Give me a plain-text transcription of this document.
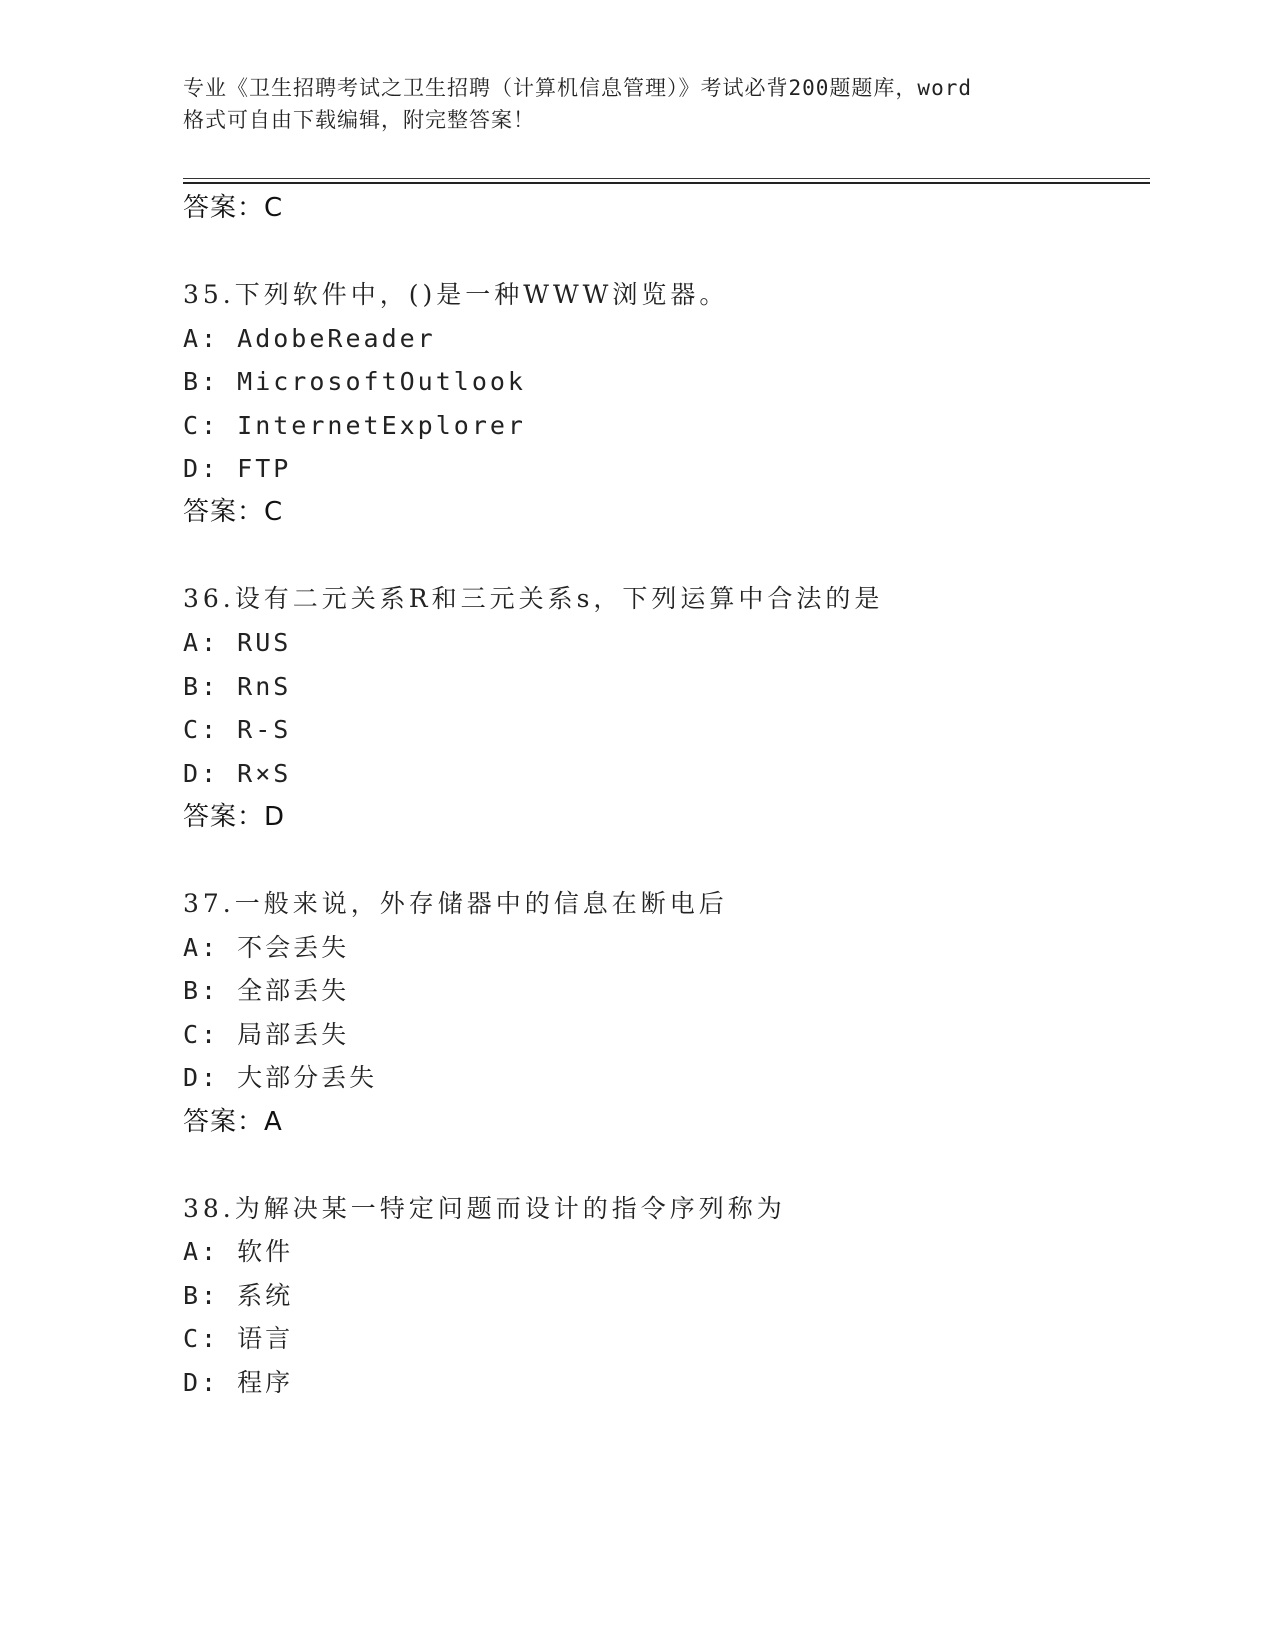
专业《卫生招聘考试之卫生招聘（计算机信息管理）》考试必背200题题库，word
格式可自由下载编辑，附完整答案！
答案：C
35.下列软件中，()是一种WWW浏览器。
A: AdobeReader
B: MicrosoftOutlook
C: InternetExplorer
D: FTP
答案：C
36.设有二元关系R和三元关系s，下列运算中合法的是
A: RUS
B: RnS
C: R-S
D: R×S
答案：D
37.一般来说，外存储器中的信息在断电后
A: 不会丢失
B: 全部丢失
C: 局部丢失
D: 大部分丢失
答案：A
38.为解决某一特定问题而设计的指令序列称为
A: 软件
B: 系统
C: 语言
D: 程序
